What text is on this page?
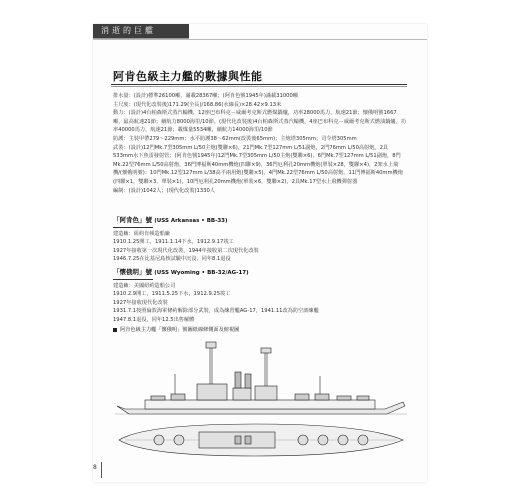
消逝的巨艦
阿肯色級主力艦的數據與性能

排水量：(設計)標準26100噸，滿載28367噸；(阿肯色號1945年)滿載31000噸

主尺度：(現代化改裝後)171.29(全長)/168.86(水線長)×28.42×9.13米

動力：(設計)4台帕森斯式蒸汽輪機，12座巴布科克－威爾考克斯式燃煤鍋爐，功率28000馬力，航速21節；懷俄明號1667噸，最高航速21節；續航力8000海里/10節。(現代化改裝後)4台帕森斯式蒸汽輪機，4座巴布科克－威爾考克斯式燃油鍋爐，功率40000馬力，航速21節；載煤量5534噸，續航力14000海里/10節

防護：主裝甲帶279～229mm；水平防護38～62mm(改裝後65mm)；主炮塔305mm；司令塔305mm

武裝：(設計)12門Mk.7型305mm L/50主炮(雙聯×6)，21門Mk.7型127mm L/51副炮，2門76mm L/50高射炮，2具533mm水下魚雷發射管；(阿肯色號1945年)12門Mk.7型305mm L/50主炮(雙聯×6)，6門Mk.7型127mm L/51副炮，8門Mk.22型76mm L/50高射炮，36門博福斯40mm機炮(四聯×9)，36門厄利孔20mm機炮(單裝×28，雙聯×4)，2架水上飛機/(懷俄明號)：10門Mk.12型127mm L/38高平兩用炮(雙聯×5)，4門Mk.22型76mm L/50高射炮，11門博福斯40mm機炮(四聯×1，雙聯×3，單裝×1)，10門厄利孔20mm機炮(單裝×6，雙聯×2)，2具Mk.17型水上飛機彈射器

編制：(設計)1042人；(現代化改裝)1330人

「阿肯色」號 (USS Arkansas • BB-33)

建造廠：紐約肯頓造船廠

1910.1.25開工，1911.1.14下水，1912.9.17竣工

1927年接收第一次現代化改裝，1944年接收第二次現代化改裝

1946.7.25在比基尼島核試驗中沉沒，同年8.1退役

「懷俄明」號 (USS Wyoming • BB-32/AG-17)

建造廠：美國紐約造船公司

1910.2.9開工，1911.5.25下水，1912.9.25竣工

1927年接收現代化改裝

1931.7.1按照倫敦海軍條約解除部分武裝，成為練習艦AG-17，1941.11改為防空訓練艦

1947.8.1退役，同年12.5出售解體

阿肯色級主力艦「懷俄明」號圖紙線條側面及俯視圖
8
